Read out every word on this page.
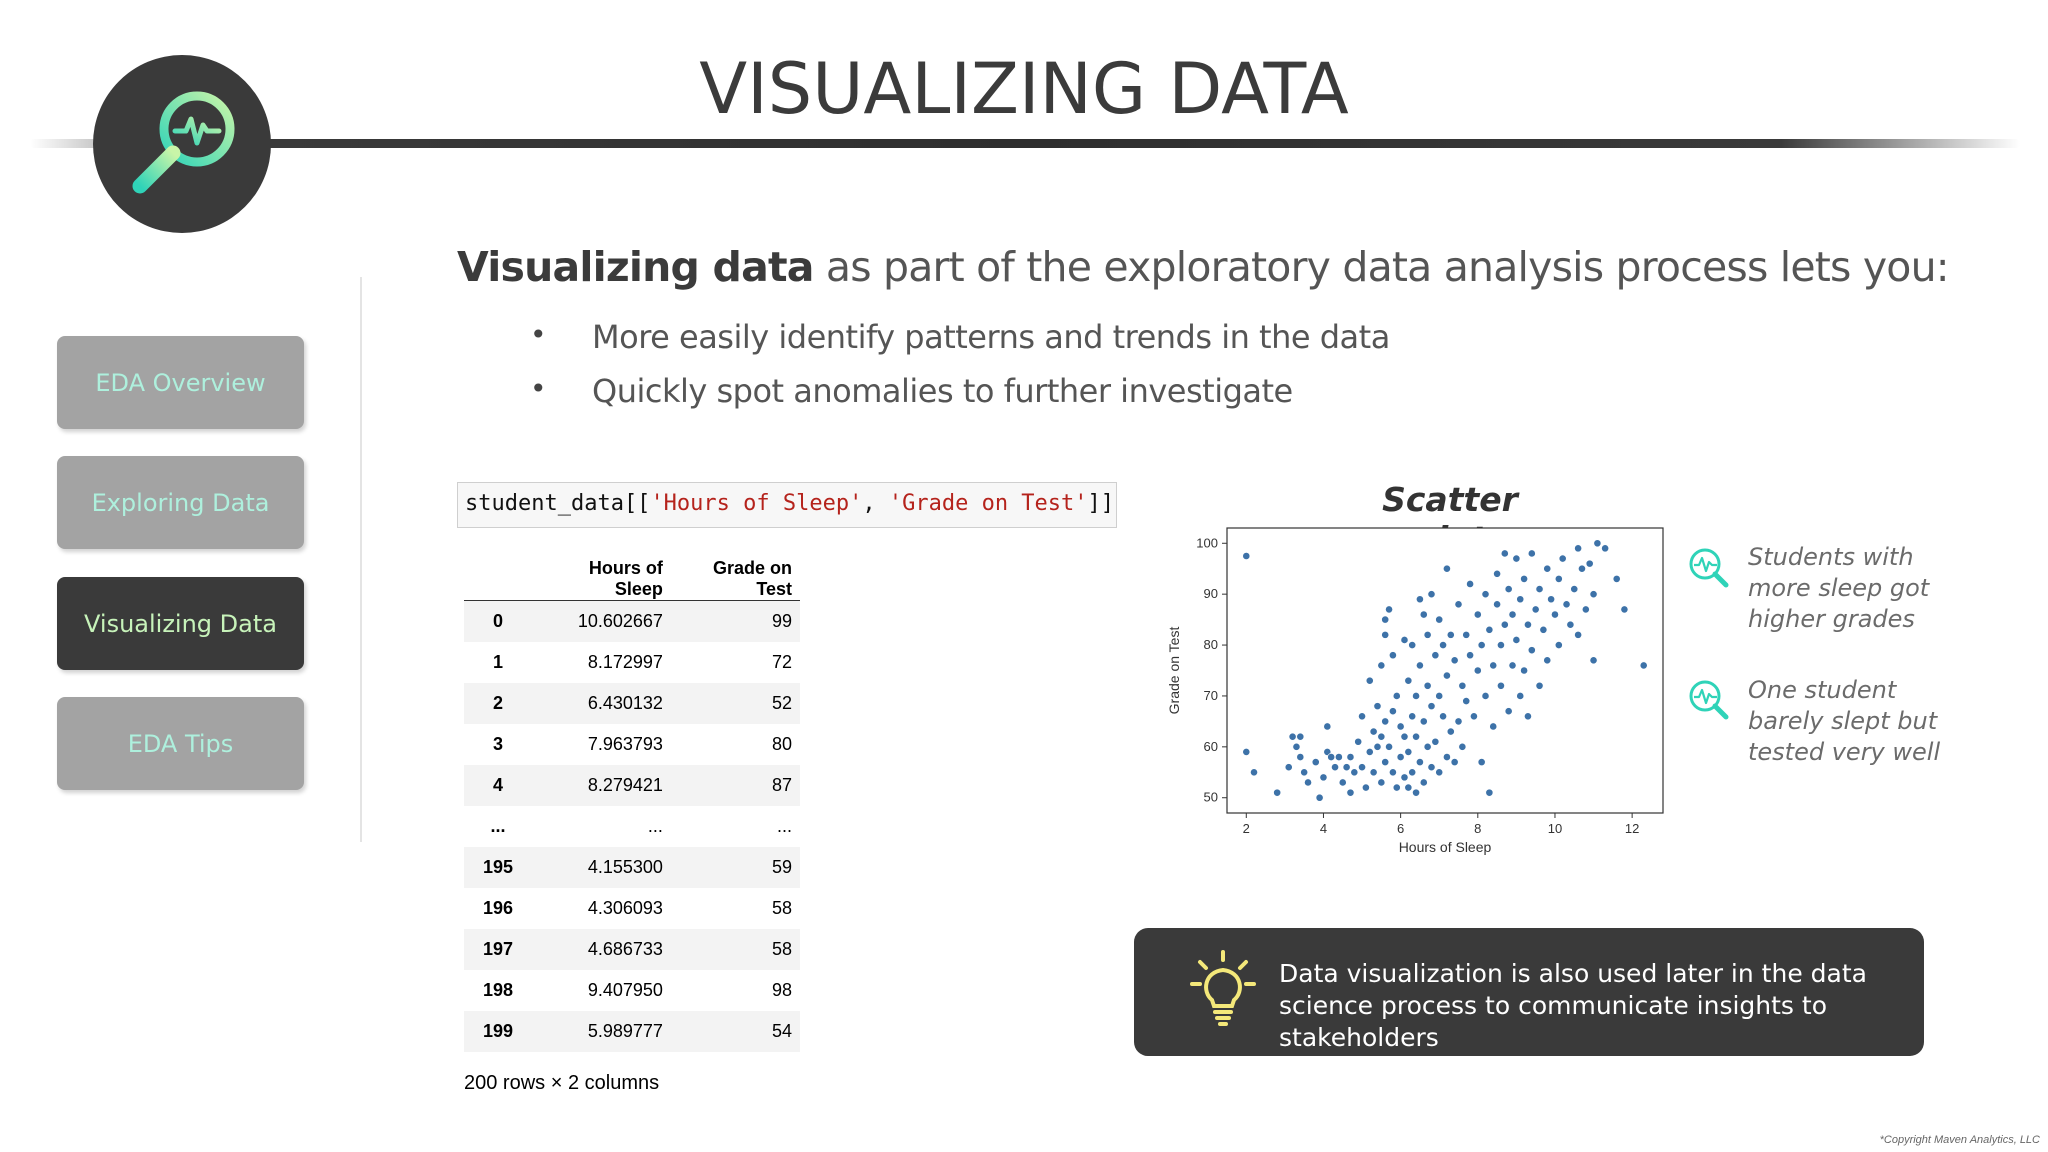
VISUALIZING DATA
EDA Overview
Exploring Data
Visualizing Data
EDA Tips
Visualizing data as part of the exploratory data analysis process lets you:
• More easily identify patterns and trends in the data
• Quickly spot anomalies to further investigate
student_data[['Hours of Sleep', 'Grade on Test']]
	Hours of Sleep	Grade on Test
0	10.602667	99
1	8.172997	72
2	6.430132	52
3	7.963793	80
4	8.279421	87
...	...	...
195	4.155300	59
196	4.306093	58
197	4.686733	58
198	9.407950	98
199	5.989777	54
200 rows × 2 columns
Scatter
2	4	6	8	10	12
50
60
70
80
90
100
Hours of Sleep
Grade on Test
Students with more sleep got higher grades
One student barely slept but tested very well
Data visualization is also used later in the data science process to communicate insights to stakeholders
*Copyright Maven Analytics, LLC
